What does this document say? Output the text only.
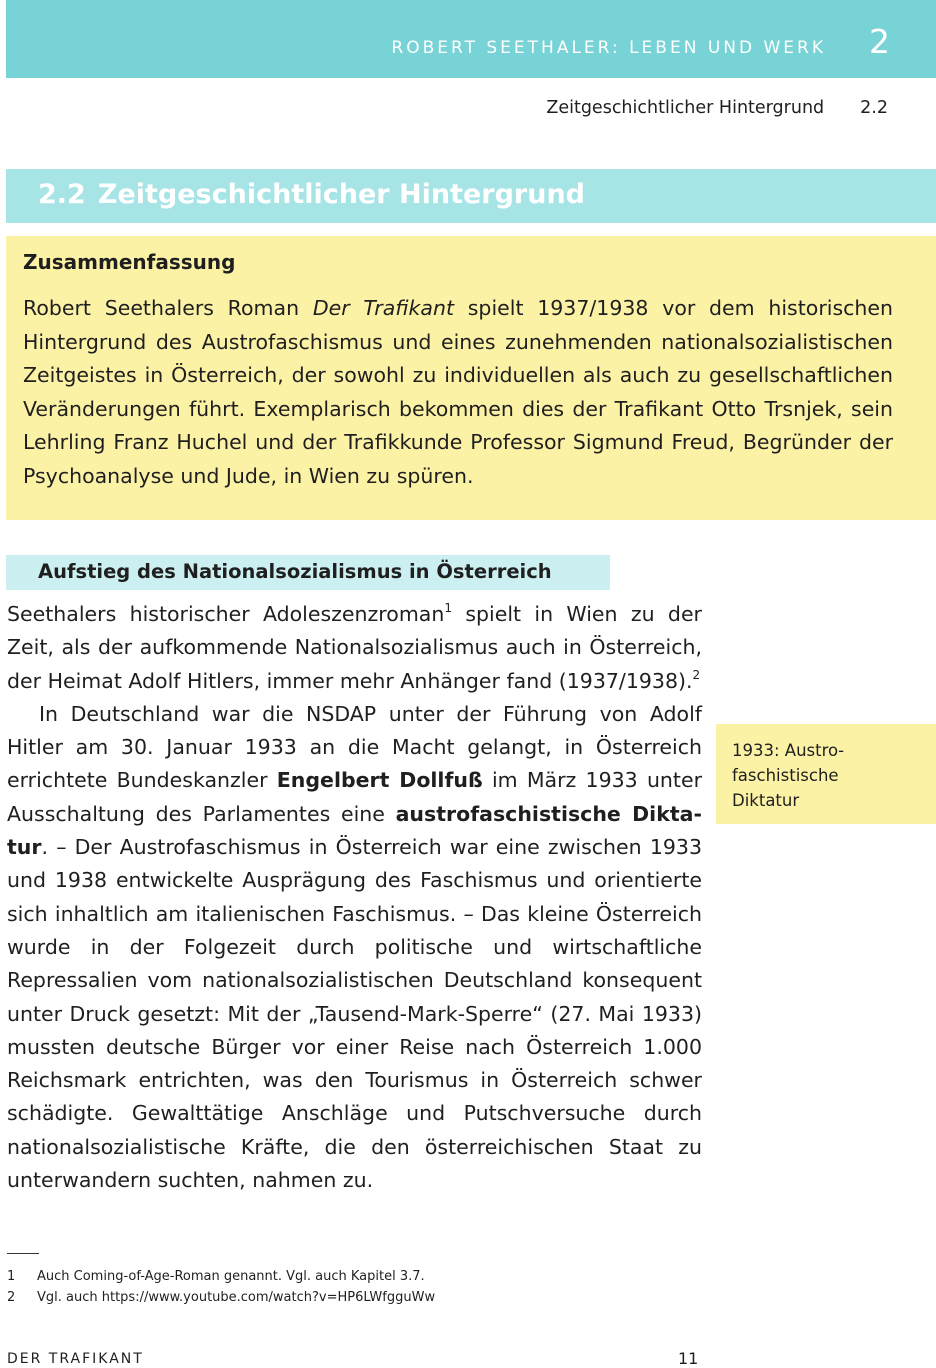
ROBERT SEETHALER: LEBEN UND WERK 2
Zeitgeschichtlicher Hintergrund 2.2
2.2 Zeitgeschichtlicher Hintergrund
Zusammenfassung
Robert Seethalers Roman Der Trafikant spielt 1937/1938 vor dem historischen Hintergrund des Austrofaschismus und eines zunehmenden nationalsozialistischen Zeitgeistes in Österreich, der sowohl zu individuellen als auch zu gesellschaftlichen Veränderungen führt. Exemplarisch bekommen dies der Trafikant Otto Trsnjek, sein Lehrling Franz Huchel und der Trafikkunde Professor Sigmund Freud, Begründer der Psychoanalyse und Jude, in Wien zu spüren.
Aufstieg des Nationalsozialismus in Österreich

Seethalers historischer Adoleszenzroman$^1$ spielt in Wien zu der Zeit, als der aufkommende Nationalsozialismus auch in Österreich, der Heimat Adolf Hitlers, immer mehr Anhänger fand (1937/1938).$^2$

In Deutschland war die NSDAP unter der Führung von Adolf Hitler am 30. Januar 1933 an die Macht gelangt, in Österreich errichtete Bundeskanzler Engelbert Dollfuß im März 1933 unter Ausschaltung des Parlamentes eine austrofaschistische Diktatur. – Der Austrofaschismus in Österreich war eine zwischen 1933 und 1938 entwickelte Ausprägung des Faschismus und orientierte sich inhaltlich am italienischen Faschismus. – Das kleine Österreich wurde in der Folgezeit durch politische und wirtschaftliche Repressalien vom nationalsozialistischen Deutschland konsequent unter Druck gesetzt: Mit der „Tausend-Mark-Sperre“ (27. Mai 1933) mussten deutsche Bürger vor einer Reise nach Österreich 1.000 Reichsmark entrichten, was den Tourismus in Österreich schwer schädigte. Gewalttätige Anschläge und Putschversuche durch nationalsozialistische Kräfte, die den österreichischen Staat zu unterwandern suchten, nahmen zu.

1933: Austrofaschistische Diktatur
1 Auch Coming-of-Age-Roman genannt. Vgl. auch Kapitel 3.7.
2 Vgl. auch https://www.youtube.com/watch?v=HP6LWfgguWw
DER TRAFIKANT	11
